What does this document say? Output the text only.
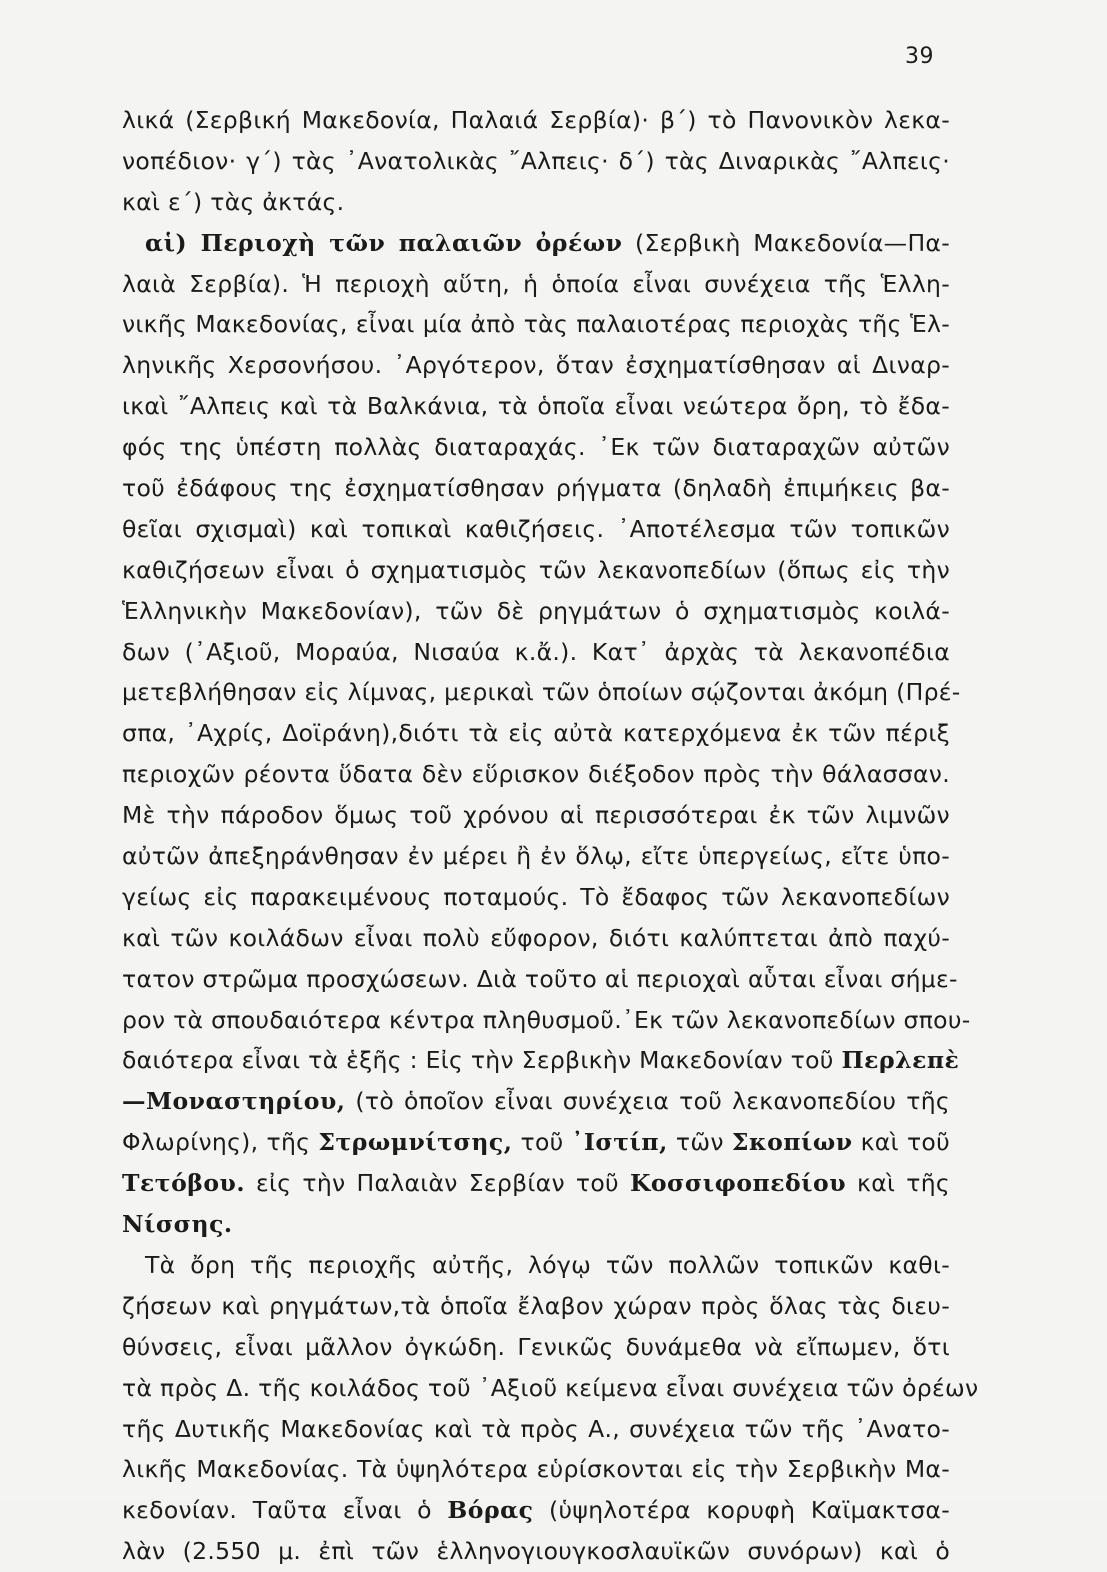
39
λικά (Σερβική Μακεδονία, Παλαιά Σερβία)· β΄) τὸ Πανονικὸν λεκα-
νοπέδιον· γ΄) τὰς ᾿Ανατολικὰς ῎Αλπεις· δ΄) τὰς Διναρικὰς ῎Αλπεις·
καὶ ε΄) τὰς ἀκτάς.
αἱ) Περιοχὴ τῶν παλαιῶν ὀρέων (Σερβικὴ Μακεδονία—Πα-
λαιὰ Σερβία). Ἡ περιοχὴ αὕτη, ἡ ὁποία εἶναι συνέχεια τῆς Ἑλλη-
νικῆς Μακεδονίας, εἶναι μία ἀπὸ τὰς παλαιοτέρας περιοχὰς τῆς Ἑλ-
ληνικῆς Χερσονήσου. ᾿Αργότερον, ὅταν ἐσχηματίσθησαν αἱ Διναρ-
ικαὶ ῎Αλπεις καὶ τὰ Βαλκάνια, τὰ ὁποῖα εἶναι νεώτερα ὄρη, τὸ ἔδα-
φός της ὑπέστη πολλὰς διαταραχάς. ᾿Εκ τῶν διαταραχῶν αὐτῶν
τοῦ ἐδάφους της ἐσχηματίσθησαν ρήγματα (δηλαδὴ ἐπιμήκεις βα-
θεῖαι σχισμαὶ) καὶ τοπικαὶ καθιζήσεις. ᾿Αποτέλεσμα τῶν τοπικῶν
καθιζήσεων εἶναι ὁ σχηματισμὸς τῶν λεκανοπεδίων (ὅπως εἰς τὴν
Ἑλληνικὴν Μακεδονίαν), τῶν δὲ ρηγμάτων ὁ σχηματισμὸς κοιλά-
δων (᾿Αξιοῦ, Μοραύα, Νισαύα κ.ἄ.). Κατ᾿ ἀρχὰς τὰ λεκανοπέδια
μετεβλήθησαν εἰς λίμνας, μερικαὶ τῶν ὁποίων σῴζονται ἀκόμη (Πρέ-
σπα, ᾿Αχρίς, Δοϊράνη),διότι τὰ εἰς αὐτὰ κατερχόμενα ἐκ τῶν πέριξ
περιοχῶν ρέοντα ὕδατα δὲν εὕρισκον διέξοδον πρὸς τὴν θάλασσαν.
Μὲ τὴν πάροδον ὅμως τοῦ χρόνου αἱ περισσότεραι ἐκ τῶν λιμνῶν
αὐτῶν ἀπεξηράνθησαν ἐν μέρει ἢ ἐν ὅλῳ, εἴτε ὑπεργείως, εἴτε ὑπο-
γείως εἰς παρακειμένους ποταμούς. Τὸ ἔδαφος τῶν λεκανοπεδίων
καὶ τῶν κοιλάδων εἶναι πολὺ εὔφορον, διότι καλύπτεται ἀπὸ παχύ-
τατον στρῶμα προσχώσεων. Διὰ τοῦτο αἱ περιοχαὶ αὗται εἶναι σήμε-
ρον τὰ σπουδαιότερα κέντρα πληθυσμοῦ.᾿Εκ τῶν λεκανοπεδίων σπου-
δαιότερα εἶναι τὰ ἑξῆς : Εἰς τὴν Σερβικὴν Μακεδονίαν τοῦ Περλεπὲ
—Μοναστηρίου, (τὸ ὁποῖον εἶναι συνέχεια τοῦ λεκανοπεδίου τῆς
Φλωρίνης), τῆς Στρωμνίτσης, τοῦ ᾿Ιστίπ, τῶν Σκοπίων καὶ τοῦ
Τετόβου. εἰς τὴν Παλαιὰν Σερβίαν τοῦ Κοσσιφοπεδίου καὶ τῆς
Νίσσης.
Τὰ ὄρη τῆς περιοχῆς αὐτῆς, λόγῳ τῶν πολλῶν τοπικῶν καθι-
ζήσεων καὶ ρηγμάτων,τὰ ὁποῖα ἔλαβον χώραν πρὸς ὅλας τὰς διευ-
θύνσεις, εἶναι μᾶλλον ὀγκώδη. Γενικῶς δυνάμεθα νὰ εἴπωμεν, ὅτι
τὰ πρὸς Δ. τῆς κοιλάδος τοῦ ᾿Αξιοῦ κείμενα εἶναι συνέχεια τῶν ὀρέων
τῆς Δυτικῆς Μακεδονίας καὶ τὰ πρὸς Α., συνέχεια τῶν τῆς ᾿Ανατο-
λικῆς Μακεδονίας. Τὰ ὑψηλότερα εὑρίσκονται εἰς τὴν Σερβικὴν Μα-
κεδονίαν. Ταῦτα εἶναι ὁ Βόρας (ὑψηλοτέρα κορυφὴ Καϊμακτσα-
λὰν (2.550 μ. ἐπὶ τῶν ἑλληνογιουγκοσλαυϊκῶν συνόρων) καὶ ὁ
